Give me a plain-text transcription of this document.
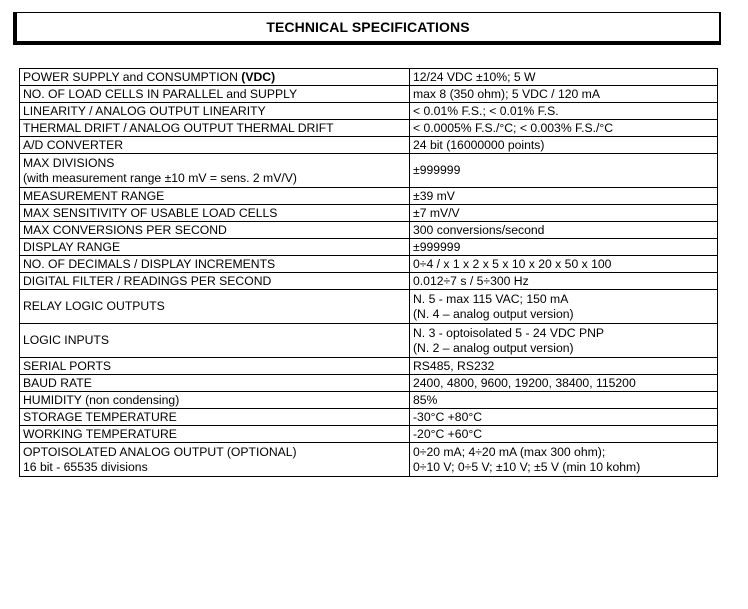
TECHNICAL SPECIFICATIONS
POWER SUPPLY and CONSUMPTION (VDC)	12/24 VDC ±10%; 5 W
NO. OF LOAD CELLS IN PARALLEL and SUPPLY	max 8 (350 ohm); 5 VDC / 120 mA
LINEARITY / ANALOG OUTPUT LINEARITY	< 0.01% F.S.; < 0.01% F.S.
THERMAL DRIFT / ANALOG OUTPUT THERMAL DRIFT	< 0.0005% F.S./°C; < 0.003% F.S./°C
A/D CONVERTER	24 bit (16000000 points)

MAX DIVISIONS
(with measurement range ±10 mV = sens. 2 mV/V)	±999999
MEASUREMENT RANGE	±39 mV
MAX SENSITIVITY OF USABLE LOAD CELLS	±7 mV/V
MAX CONVERSIONS PER SECOND	300 conversions/second
DISPLAY RANGE	±999999
NO. OF DECIMALS / DISPLAY INCREMENTS	0÷4 / x 1 x 2 x 5 x 10 x 20 x 50 x 100
DIGITAL FILTER / READINGS PER SECOND	0.012÷7 s / 5÷300 Hz
RELAY LOGIC OUTPUTS	N. 5 - max 115 VAC; 150 mA
(N. 4 – analog output version)

LOGIC INPUTS	N. 3 - optoisolated 5 - 24 VDC PNP
(N. 2 – analog output version)

SERIAL PORTS	RS485, RS232
BAUD RATE	2400, 4800, 9600, 19200, 38400, 115200
HUMIDITY (non condensing)	85%
STORAGE TEMPERATURE	-30°C +80°C
WORKING TEMPERATURE	-20°C +60°C

OPTOISOLATED ANALOG OUTPUT (OPTIONAL)
16 bit - 65535 divisions	0÷20 mA; 4÷20 mA (max 300 ohm);
0÷10 V; 0÷5 V; ±10 V; ±5 V (min 10 kohm)
